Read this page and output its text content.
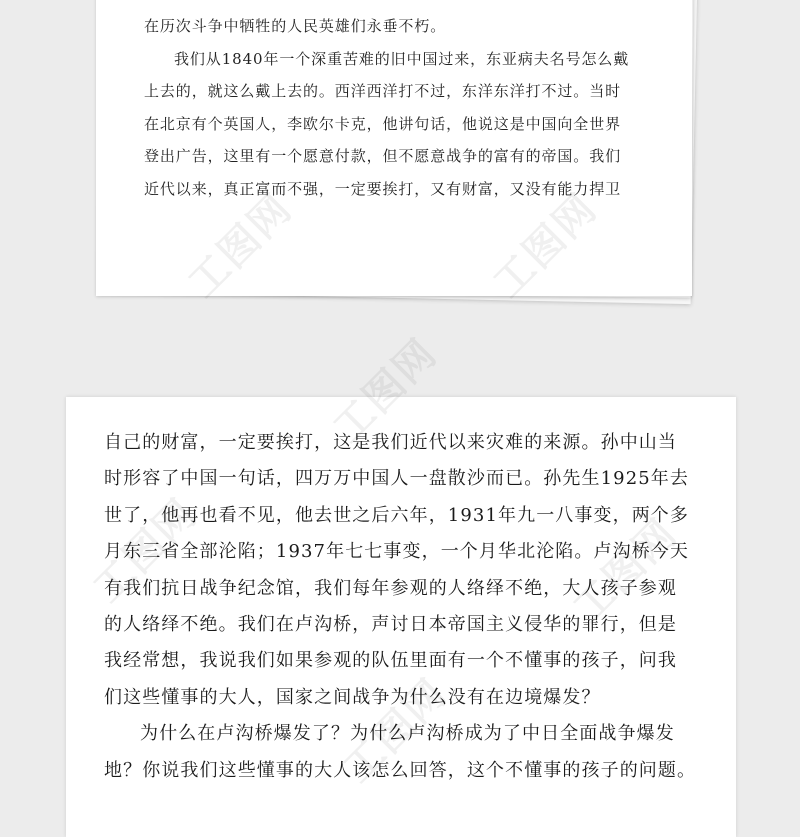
在历次斗争中牺牲的人民英雄们永垂不朽。
我们从1840年一个深重苦难的旧中国过来，东亚病夫名号怎么戴
上去的，就这么戴上去的。西洋西洋打不过，东洋东洋打不过。当时
在北京有个英国人，李欧尔卡克，他讲句话，他说这是中国向全世界
登出广告，这里有一个愿意付款，但不愿意战争的富有的帝国。我们
近代以来，真正富而不强，一定要挨打，又有财富，又没有能力捍卫
自己的财富，一定要挨打，这是我们近代以来灾难的来源。孙中山当
时形容了中国一句话，四万万中国人一盘散沙而已。孙先生1925年去
世了，他再也看不见，他去世之后六年，1931年九一八事变，两个多
月东三省全部沦陷；1937年七七事变，一个月华北沦陷。卢沟桥今天
有我们抗日战争纪念馆，我们每年参观的人络绎不绝，大人孩子参观
的人络绎不绝。我们在卢沟桥，声讨日本帝国主义侵华的罪行，但是
我经常想，我说我们如果参观的队伍里面有一个不懂事的孩子，问我
们这些懂事的大人，国家之间战争为什么没有在边境爆发？
为什么在卢沟桥爆发了？为什么卢沟桥成为了中日全面战争爆发
地？你说我们这些懂事的大人该怎么回答，这个不懂事的孩子的问题。
工图网
